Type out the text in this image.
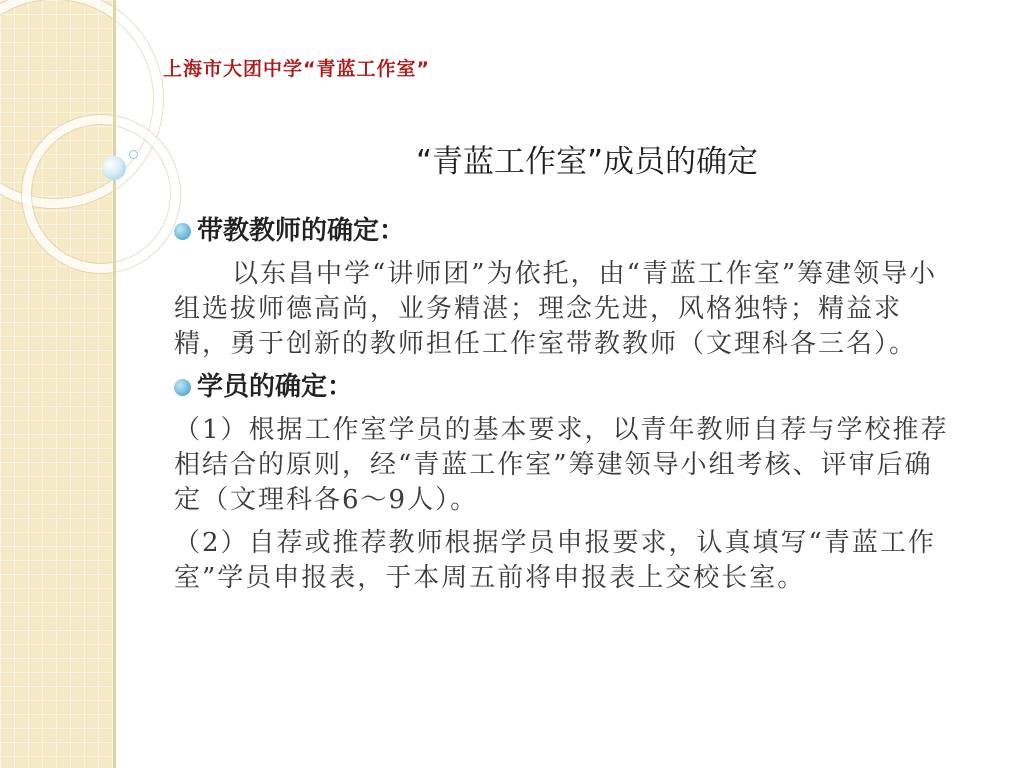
上海市大团中学“青蓝工作室”
“青蓝工作室”成员的确定
带教教师的确定：

以东昌中学“讲师团”为依托，由“青蓝工作室”筹建领导小组选拔师德高尚，业务精湛；理念先进，风格独特；精益求精，勇于创新的教师担任工作室带教教师（文理科各三名）。

学员的确定：

（1）根据工作室学员的基本要求，以青年教师自荐与学校推荐相结合的原则，经“青蓝工作室”筹建领导小组考核、评审后确定（文理科各6～9人）。

（2）自荐或推荐教师根据学员申报要求，认真填写“青蓝工作室”学员申报表，于本周五前将申报表上交校长室。
